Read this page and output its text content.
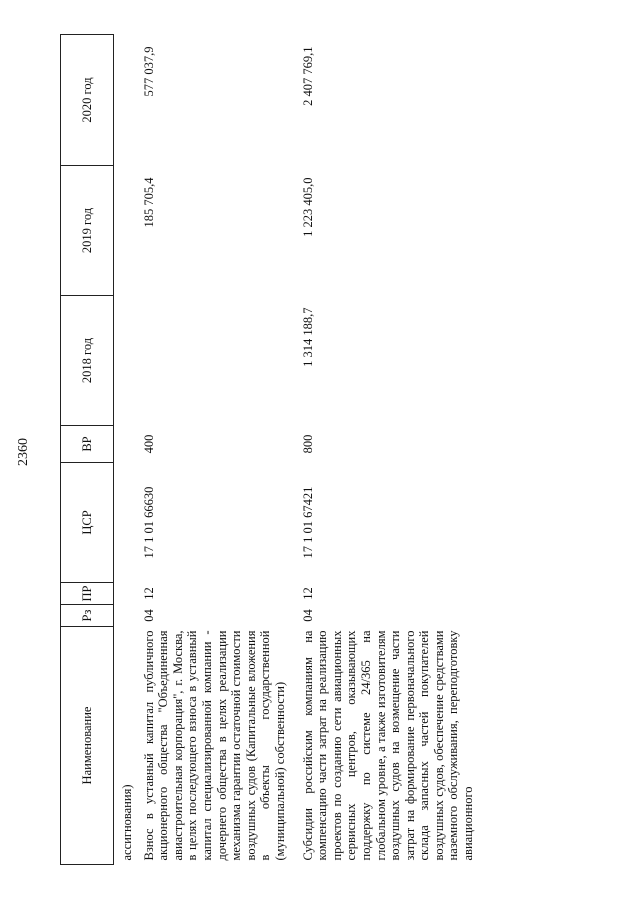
2360
Наименование	Рз	ПР	ЦСР	ВР	2018 год	2019 год	2020 год
ассигнования)							
Взнос в уставный капитал публичного акционерного общества "Объединенная авиастроительная корпорация", г. Москва, в целях последующего взноса в уставный капитал специализированной компании - дочернего общества в целях реализации механизма гарантии остаточной стоимости воздушных судов (Капитальные вложения в объекты государственной (муниципальной) собственности)	04	12	17 1 01 66630	400		185 705,4	577 037,9
Субсидии российским компаниям на компенсацию части затрат на реализацию проектов по созданию сети авиационных сервисных центров, оказывающих поддержку по системе 24/365 на глобальном уровне, а также изготовителям воздушных судов на возмещение части затрат на формирование первоначального склада запасных частей покупателей воздушных судов, обеспечение средствами наземного обслуживания, переподготовку авиационного	04	12	17 1 01 67421	800	1 314 188,7	1 223 405,0	2 407 769,1
